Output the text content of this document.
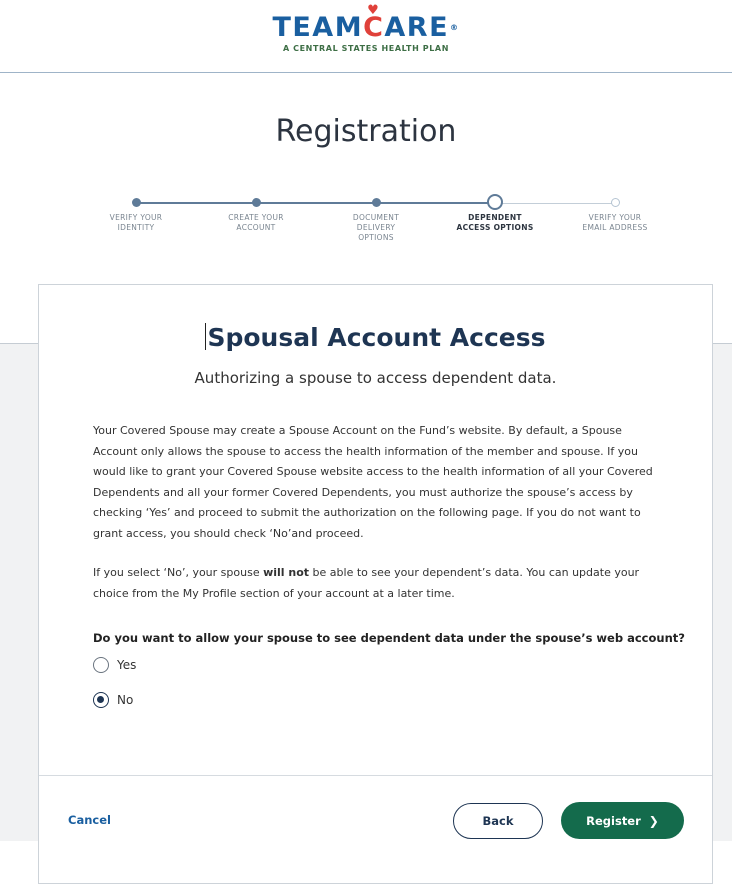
TEAM♥ CARE®
A CENTRAL STATES HEALTH PLAN
Registration
VERIFY YOUR
IDENTITY
CREATE YOUR
ACCOUNT
DOCUMENT
DELIVERY
OPTIONS
DEPENDENT
ACCESS OPTIONS
VERIFY YOUR
EMAIL ADDRESS
Spousal Account Access
Authorizing a spouse to access dependent data.

Your Covered Spouse may create a Spouse Account on the Fund’s website. By default, a Spouse Account only allows the spouse to access the health information of the member and spouse. If you would like to grant your Covered Spouse website access to the health information of all your Covered Dependents and all your former Covered Dependents, you must authorize the spouse’s access by checking ‘Yes’ and proceed to submit the authorization on the following page. If you do not want to grant access, you should check ‘No’and proceed.

If you select ‘No’, your spouse will not be able to see your dependent’s data. You can update your choice from the My Profile section of your account at a later time.

Do you want to allow your spouse to see dependent data under the spouse’s web account?

Yes
No
Cancel	Back	Register ❯
